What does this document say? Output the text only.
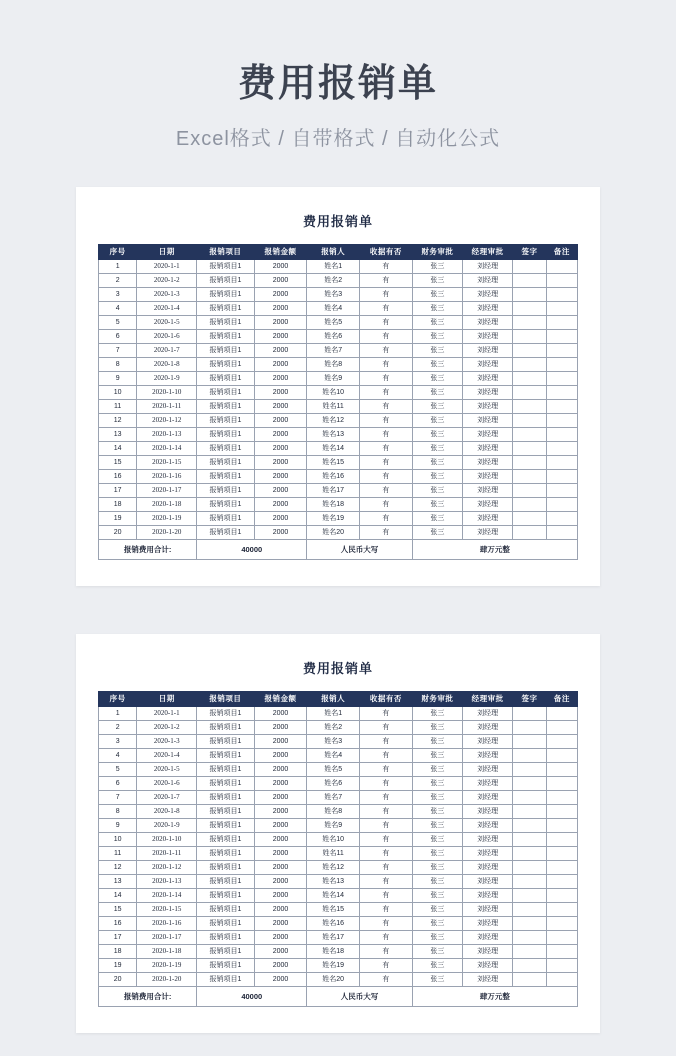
费用报销单
Excel格式 / 自带格式 / 自动化公式
费用报销单
序号	日期	报销项目	报销金额	报销人	收据有否	财务审批	经理审批	签字	备注
1	2020-1-1	报销项目1	2000	姓名1	有	张三	刘经理		
2	2020-1-2	报销项目1	2000	姓名2	有	张三	刘经理		
3	2020-1-3	报销项目1	2000	姓名3	有	张三	刘经理		
4	2020-1-4	报销项目1	2000	姓名4	有	张三	刘经理		
5	2020-1-5	报销项目1	2000	姓名5	有	张三	刘经理		
6	2020-1-6	报销项目1	2000	姓名6	有	张三	刘经理		
7	2020-1-7	报销项目1	2000	姓名7	有	张三	刘经理		
8	2020-1-8	报销项目1	2000	姓名8	有	张三	刘经理		
9	2020-1-9	报销项目1	2000	姓名9	有	张三	刘经理		
10	2020-1-10	报销项目1	2000	姓名10	有	张三	刘经理		
11	2020-1-11	报销项目1	2000	姓名11	有	张三	刘经理		
12	2020-1-12	报销项目1	2000	姓名12	有	张三	刘经理		
13	2020-1-13	报销项目1	2000	姓名13	有	张三	刘经理		
14	2020-1-14	报销项目1	2000	姓名14	有	张三	刘经理		
15	2020-1-15	报销项目1	2000	姓名15	有	张三	刘经理		
16	2020-1-16	报销项目1	2000	姓名16	有	张三	刘经理		
17	2020-1-17	报销项目1	2000	姓名17	有	张三	刘经理		
18	2020-1-18	报销项目1	2000	姓名18	有	张三	刘经理		
19	2020-1-19	报销项目1	2000	姓名19	有	张三	刘经理		
20	2020-1-20	报销项目1	2000	姓名20	有	张三	刘经理		
报销费用合计:		40000		人民币大写		肆万元整			
费用报销单
序号	日期	报销项目	报销金额	报销人	收据有否	财务审批	经理审批	签字	备注
1	2020-1-1	报销项目1	2000	姓名1	有	张三	刘经理		
2	2020-1-2	报销项目1	2000	姓名2	有	张三	刘经理		
3	2020-1-3	报销项目1	2000	姓名3	有	张三	刘经理		
4	2020-1-4	报销项目1	2000	姓名4	有	张三	刘经理		
5	2020-1-5	报销项目1	2000	姓名5	有	张三	刘经理		
6	2020-1-6	报销项目1	2000	姓名6	有	张三	刘经理		
7	2020-1-7	报销项目1	2000	姓名7	有	张三	刘经理		
8	2020-1-8	报销项目1	2000	姓名8	有	张三	刘经理		
9	2020-1-9	报销项目1	2000	姓名9	有	张三	刘经理		
10	2020-1-10	报销项目1	2000	姓名10	有	张三	刘经理		
11	2020-1-11	报销项目1	2000	姓名11	有	张三	刘经理		
12	2020-1-12	报销项目1	2000	姓名12	有	张三	刘经理		
13	2020-1-13	报销项目1	2000	姓名13	有	张三	刘经理		
14	2020-1-14	报销项目1	2000	姓名14	有	张三	刘经理		
15	2020-1-15	报销项目1	2000	姓名15	有	张三	刘经理		
16	2020-1-16	报销项目1	2000	姓名16	有	张三	刘经理		
17	2020-1-17	报销项目1	2000	姓名17	有	张三	刘经理		
18	2020-1-18	报销项目1	2000	姓名18	有	张三	刘经理		
19	2020-1-19	报销项目1	2000	姓名19	有	张三	刘经理		
20	2020-1-20	报销项目1	2000	姓名20	有	张三	刘经理		
报销费用合计:		40000		人民币大写		肆万元整			
